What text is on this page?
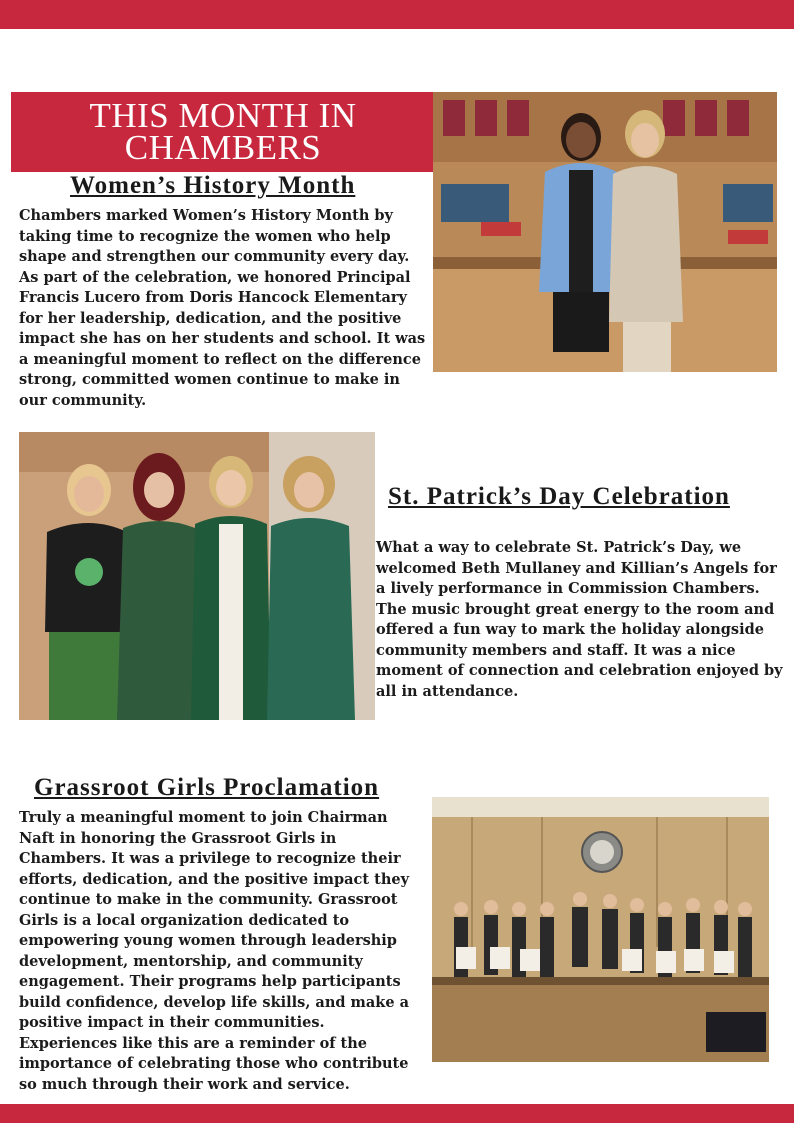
THIS MONTH IN
CHAMBERS
Women’s History Month
Chambers marked Women’s History Month by taking time to recognize the women who help shape and strengthen our community every day. As part of the celebration, we honored Principal Francis Lucero from Doris Hancock Elementary for her leadership, dedication, and the positive impact she has on her students and school. It was a meaningful moment to reflect on the difference strong, committed women continue to make in our community.
St. Patrick’s Day Celebration
What a way to celebrate St. Patrick’s Day, we welcomed Beth Mullaney and Killian’s Angels for a lively performance in Commission Chambers. The music brought great energy to the room and offered a fun way to mark the holiday alongside community members and staff. It was a nice moment of connection and celebration enjoyed by all in attendance.
Grassroot Girls Proclamation
Truly a meaningful moment to join Chairman Naft in honoring the Grassroot Girls in Chambers. It was a privilege to recognize their efforts, dedication, and the positive impact they continue to make in the community. Grassroot Girls is a local organization dedicated to empowering young women through leadership development, mentorship, and community engagement. Their programs help participants build confidence, develop life skills, and make a positive impact in their communities. Experiences like this are a reminder of the importance of celebrating those who contribute so much through their work and service.
